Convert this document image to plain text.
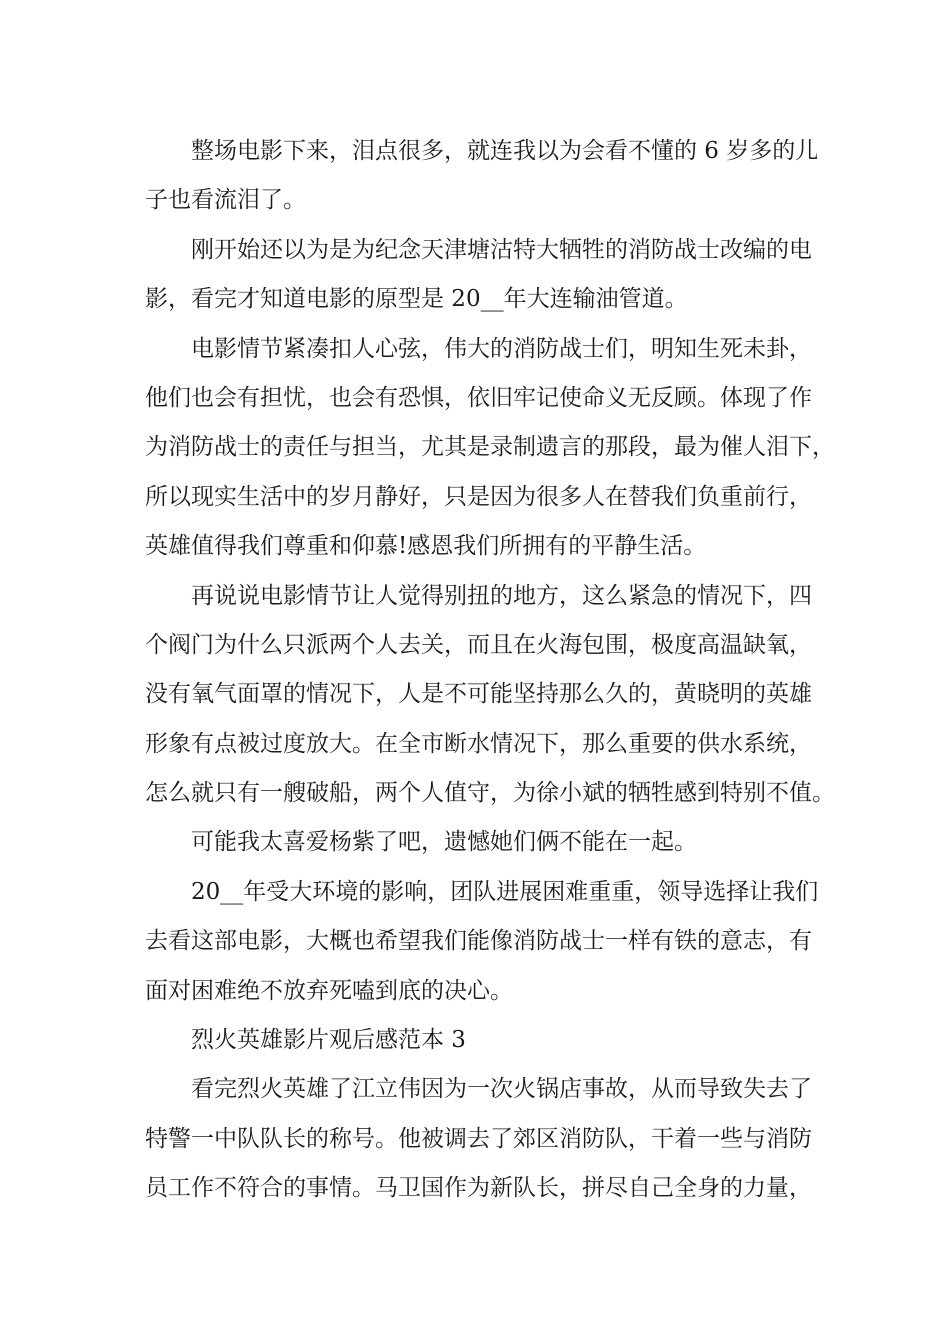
整场电影下来，泪点很多，就连我以为会看不懂的 6 岁多的儿
子也看流泪了。
刚开始还以为是为纪念天津塘沽特大牺牲的消防战士改编的电
影，看完才知道电影的原型是 20__年大连输油管道。
电影情节紧凑扣人心弦，伟大的消防战士们，明知生死未卦，
他们也会有担忧，也会有恐惧，依旧牢记使命义无反顾。体现了作
为消防战士的责任与担当，尤其是录制遗言的那段，最为催人泪下，
所以现实生活中的岁月静好，只是因为很多人在替我们负重前行，
英雄值得我们尊重和仰慕!感恩我们所拥有的平静生活。
再说说电影情节让人觉得别扭的地方，这么紧急的情况下，四
个阀门为什么只派两个人去关，而且在火海包围，极度高温缺氧，
没有氧气面罩的情况下，人是不可能坚持那么久的，黄晓明的英雄
形象有点被过度放大。在全市断水情况下，那么重要的供水系统，
怎么就只有一艘破船，两个人值守，为徐小斌的牺牲感到特别不值。
可能我太喜爱杨紫了吧，遗憾她们俩不能在一起。
20__年受大环境的影响，团队进展困难重重，领导选择让我们
去看这部电影，大概也希望我们能像消防战士一样有铁的意志，有
面对困难绝不放弃死嗑到底的决心。
烈火英雄影片观后感范本 3
看完烈火英雄了江立伟因为一次火锅店事故，从而导致失去了
特警一中队队长的称号。他被调去了郊区消防队，干着一些与消防
员工作不符合的事情。马卫国作为新队长，拼尽自己全身的力量，
